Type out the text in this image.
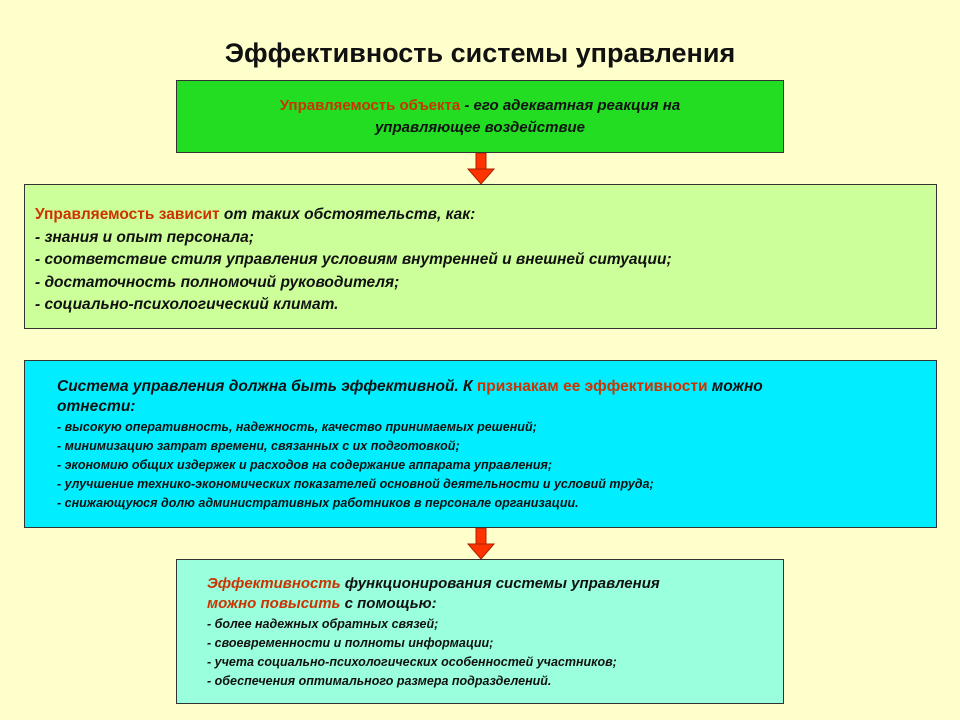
Эффективность системы управления
Управляемость объекта - его адекватная реакция на
управляющее воздействие
Управляемость зависит от таких обстоятельств, как:
- знания и опыт персонала;
- соответствие стиля управления условиям внутренней и внешней ситуации;
- достаточность полномочий руководителя;
- социально-психологический климат.
Система управления должна быть эффективной. К признакам ее эффективности можно
отнести:
- высокую оперативность, надежность, качество принимаемых решений;
- минимизацию затрат времени, связанных с их подготовкой;
- экономию общих издержек и расходов на содержание аппарата управления;
- улучшение технико-экономических показателей основной деятельности и условий труда;
- снижающуюся долю административных работников в персонале организации.
Эффективность функционирования системы управления
можно повысить с помощью:
- более надежных обратных связей;
- своевременности и полноты информации;
- учета социально-психологических особенностей участников;
- обеспечения оптимального размера подразделений.
